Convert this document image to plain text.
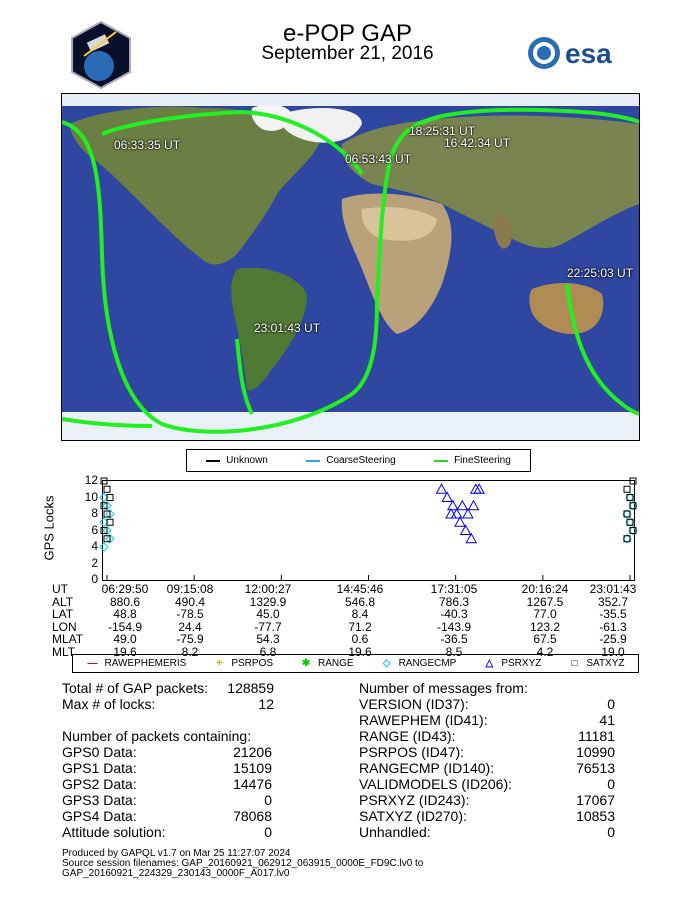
e-POP GAP
September 21, 2016	esa
06:33:35 UT
06:53:43 UT
18:25:31 UT
16:42:34 UT
22:25:03 UT
23:01:43 UT
Unknown	CoarseSteering	FineSteering
GPS Locks
0
2
4
6
8
10
12
UT	06:29:50	09:15:08	12:00:27	14:45:46	17:31:05	20:16:24	23:01:43
ALT	880.6	490.4	1329.9	546.8	786.3	1267.5	352.7
LAT	48.8	-78.5	45.0	8.4	-40.3	77.0	-35.5
LON	-154.9	24.4	-77.7	71.2	-143.9	123.2	-61.3
MLAT	49.0	-75.9	54.3	0.6	-36.5	67.5	-25.9
MLT	19.6	8.2	6.8	19.6	8.5	4.2	19.0
— RAWEPHEMERIS	+ PSRPOS	✱ RANGE	◇ RANGECMP	△ PSRXYZ	□ SATXYZ
Total # of GAP packets:	128859
Max # of locks:	12
Number of packets containing:
GPS0 Data:	21206
GPS1 Data:	15109
GPS2 Data:	14476
GPS3 Data:	0
GPS4 Data:	78068
Attitude solution:	0
Number of messages from:
VERSION (ID37):	0
RAWEPHEM (ID41):	41
RANGE (ID43):	11181
PSRPOS (ID47):	10990
RANGECMP (ID140):	76513
VALIDMODELS (ID206):	0
PSRXYZ (ID243):	17067
SATXYZ (ID270):	10853
Unhandled:	0
Produced by GAPQL v1.7 on Mar 25 11:27:07 2024
Source session filenames: GAP_20160921_062912_063915_0000E_FD9C.lv0 to
GAP_20160921_224329_230143_0000F_A017.lv0
